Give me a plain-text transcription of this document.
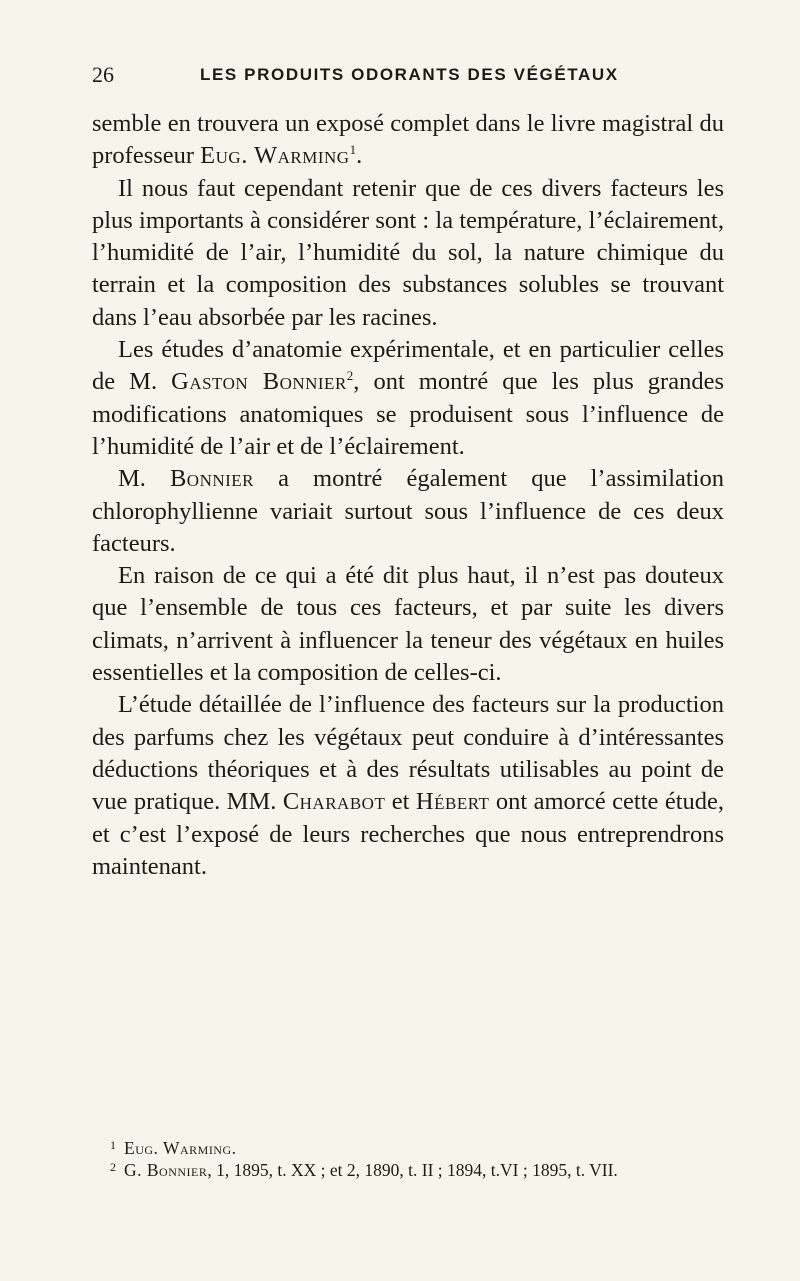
26	LES PRODUITS ODORANTS DES VÉGÉTAUX

semble en trouvera un exposé complet dans le livre magistral du professeur Eug. Warming$^1$.

Il nous faut cependant retenir que de ces divers facteurs les plus importants à considérer sont : la température, l’éclairement, l’humidité de l’air, l’humidité du sol, la nature chimique du terrain et la composition des substances solubles se trouvant dans l’eau absorbée par les racines.

Les études d’anatomie expérimentale, et en particulier celles de M. Gaston Bonnier$^2$, ont montré que les plus grandes modifications anatomiques se produisent sous l’influence de l’humidité de l’air et de l’éclairement.

M. Bonnier a montré également que l’assimilation chlorophyllienne variait surtout sous l’influence de ces deux facteurs.

En raison de ce qui a été dit plus haut, il n’est pas douteux que l’ensemble de tous ces facteurs, et par suite les divers climats, n’arrivent à influencer la teneur des végétaux en huiles essentielles et la composition de celles-ci.

L’étude détaillée de l’influence des facteurs sur la production des parfums chez les végétaux peut conduire à d’intéressantes déductions théoriques et à des résultats utilisables au point de vue pratique. MM. Charabot et Hébert ont amorcé cette étude, et c’est l’exposé de leurs recherches que nous entreprendrons maintenant.

$^1$ Eug. Warming.

$^2$ G. Bonnier, 1, 1895, t. XX ; et 2, 1890, t. II ; 1894, t.VI ; 1895, t. VII.
